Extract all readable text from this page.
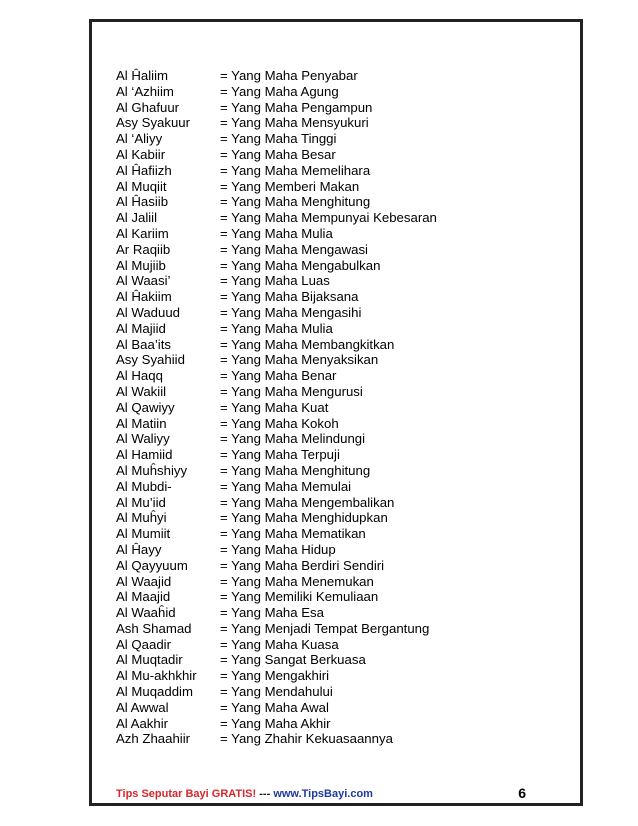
Al Ĥaliim	= Yang Maha Penyabar
Al ‘Azhiim	= Yang Maha Agung
Al Ghafuur	= Yang Maha Pengampun
Asy Syakuur	= Yang Maha Mensyukuri
Al ‘Aliyy	= Yang Maha Tinggi
Al Kabiir	= Yang Maha Besar
Al Ĥafiizh	= Yang Maha Memelihara
Al Muqiit	= Yang Memberi Makan
Al Ĥasiib	= Yang Maha Menghitung
Al Jaliil	= Yang Maha Mempunyai Kebesaran
Al Kariim	= Yang Maha Mulia
Ar Raqiib	= Yang Maha Mengawasi
Al Mujiib	= Yang Maha Mengabulkan
Al Waasi’	= Yang Maha Luas
Al Ĥakiim	= Yang Maha Bijaksana
Al Waduud	= Yang Maha Mengasihi
Al Majiid	= Yang Maha Mulia
Al Baa’its	= Yang Maha Membangkitkan
Asy Syahiid	= Yang Maha Menyaksikan
Al Haqq	= Yang Maha Benar
Al Wakiil	= Yang Maha Mengurusi
Al Qawiyy	= Yang Maha Kuat
Al Matiin	= Yang Maha Kokoh
Al Waliyy	= Yang Maha Melindungi
Al Hamiid	= Yang Maha Terpuji
Al Muĥshiyy	= Yang Maha Menghitung
Al Mubdi-	= Yang Maha Memulai
Al Mu’iid	= Yang Maha Mengembalikan
Al Muĥyi	= Yang Maha Menghidupkan
Al Mumiit	= Yang Maha Mematikan
Al Ĥayy	= Yang Maha Hidup
Al Qayyuum	= Yang Maha Berdiri Sendiri
Al Waajid	= Yang Maha Menemukan
Al Maajid	= Yang Memiliki Kemuliaan
Al Waaĥid	= Yang Maha Esa
Ash Shamad	= Yang Menjadi Tempat Bergantung
Al Qaadir	= Yang Maha Kuasa
Al Muqtadir	= Yang Sangat Berkuasa
Al Mu-akhkhir	= Yang Mengakhiri
Al Muqaddim	= Yang Mendahului
Al Awwal	= Yang Maha Awal
Al Aakhir	= Yang Maha Akhir
Azh Zhaahiir	= Yang Zhahir Kekuasaannya
Tips Seputar Bayi GRATIS! --- www.TipsBayi.com	6
